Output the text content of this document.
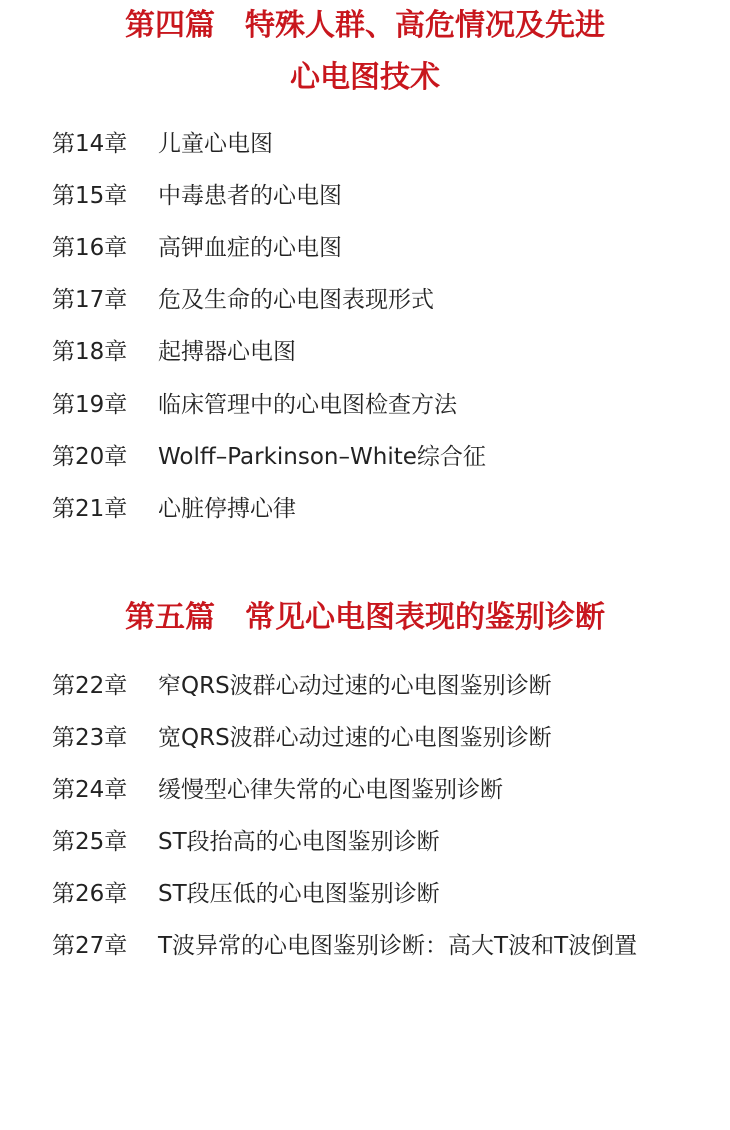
第四篇　特殊人群、高危情况及先进
心电图技术
第14章	儿童心电图
第15章	中毒患者的心电图
第16章	高钾血症的心电图
第17章	危及生命的心电图表现形式
第18章	起搏器心电图
第19章	临床管理中的心电图检查方法
第20章	Wolff–Parkinson–White综合征
第21章	心脏停搏心律
第五篇　常见心电图表现的鉴别诊断
第22章	窄QRS波群心动过速的心电图鉴别诊断
第23章	宽QRS波群心动过速的心电图鉴别诊断
第24章	缓慢型心律失常的心电图鉴别诊断
第25章	ST段抬高的心电图鉴别诊断
第26章	ST段压低的心电图鉴别诊断
第27章	T波异常的心电图鉴别诊断：高大T波和T波倒置
